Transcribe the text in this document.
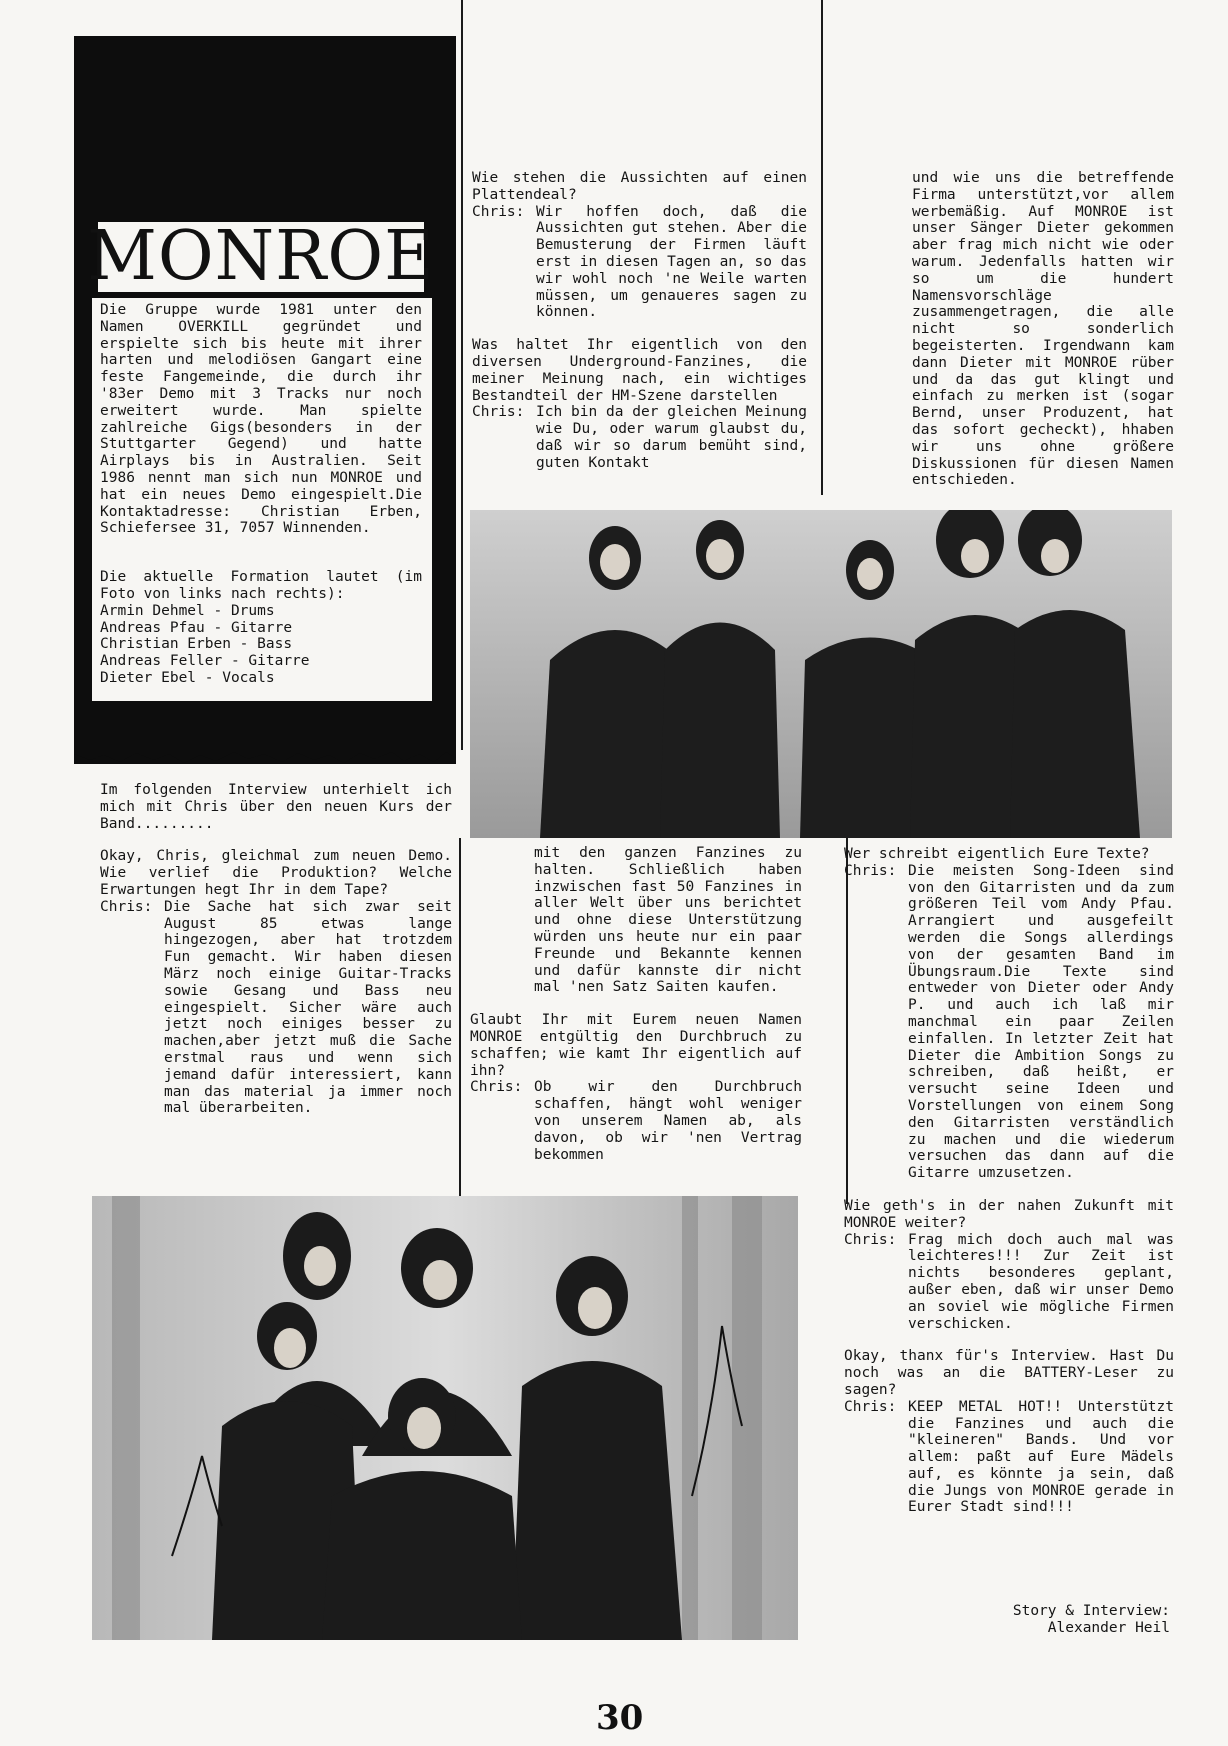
MONROE

Die Gruppe wurde 1981 unter den Namen OVERKILL gegründet und erspielte sich bis heute mit ihrer harten und melodiösen Gangart eine feste Fangemeinde, die durch ihr '83er Demo mit 3 Tracks nur noch erweitert wurde. Man spielte zahlreiche Gigs(besonders in der Stuttgarter Gegend) und hatte Airplays bis in Australien. Seit 1986 nennt man sich nun MONROE und hat ein neues Demo eingespielt.Die Kontaktadresse: Christian Erben, Schiefersee 31, 7057 Winnenden.

Die aktuelle Formation lautet (im Foto von links nach rechts):

Armin Dehmel - Drums
Andreas Pfau - Gitarre
Christian Erben - Bass
Andreas Feller - Gitarre
Dieter Ebel - Vocals

Im folgenden Interview unterhielt ich mich mit Chris über den neuen Kurs der Band.........

Okay, Chris, gleichmal zum neuen Demo. Wie verlief die Produktion? Welche Erwartungen hegt Ihr in dem Tape?

Chris: Die Sache hat sich zwar seit August 85 etwas lange hingezogen, aber hat trotzdem Fun gemacht. Wir haben diesen März noch einige Guitar-Tracks sowie Gesang und Bass neu eingespielt. Sicher wäre auch jetzt noch einiges besser zu machen,aber jetzt muß die Sache erstmal raus und wenn sich jemand dafür interessiert, kann man das material ja immer noch mal überarbeiten.

Wie stehen die Aussichten auf einen Plattendeal?

Chris: Wir hoffen doch, daß die Aussichten gut stehen. Aber die Bemusterung der Firmen läuft erst in diesen Tagen an, so das wir wohl noch 'ne Weile warten müssen, um genaueres sagen zu können.

Was haltet Ihr eigentlich von den diversen Underground-Fanzines, die meiner Meinung nach, ein wichtiges Bestandteil der HM-Szene darstellen

Chris: Ich bin da der gleichen Meinung wie Du, oder warum glaubst du, daß wir so darum bemüht sind, guten Kontakt

und wie uns die betreffende Firma unterstützt,vor allem werbemäßig. Auf MONROE ist unser Sänger Dieter gekommen aber frag mich nicht wie oder warum. Jedenfalls hatten wir so um die hundert Namensvorschläge zusammengetragen, die alle nicht so sonderlich begeisterten. Irgendwann kam dann Dieter mit MONROE rüber und da das gut klingt und einfach zu merken ist (sogar Bernd, unser Produzent, hat das sofort gecheckt), hhaben wir uns ohne größere Diskussionen für diesen Namen entschieden.

mit den ganzen Fanzines zu halten. Schließlich haben inzwischen fast 50 Fanzines in aller Welt über uns berichtet und ohne diese Unterstützung würden uns heute nur ein paar Freunde und Bekannte kennen und dafür kannste dir nicht mal 'nen Satz Saiten kaufen.

Glaubt Ihr mit Eurem neuen Namen MONROE entgültig den Durchbruch zu schaffen; wie kamt Ihr eigentlich auf ihn?

Chris: Ob wir den Durchbruch schaffen, hängt wohl weniger von unserem Namen ab, als davon, ob wir 'nen Vertrag bekommen

Wer schreibt eigentlich Eure Texte?

Chris: Die meisten Song-Ideen sind von den Gitarristen und da zum größeren Teil vom Andy Pfau. Arrangiert und ausgefeilt werden die Songs allerdings von der gesamten Band im Übungsraum.Die Texte sind entweder von Dieter oder Andy P. und auch ich laß mir manchmal ein paar Zeilen einfallen. In letzter Zeit hat Dieter die Ambition Songs zu schreiben, daß heißt, er versucht seine Ideen und Vorstellungen von einem Song den Gitarristen verständlich zu machen und die wiederum versuchen das dann auf die Gitarre umzusetzen.

Wie geth's in der nahen Zukunft mit MONROE weiter?

Chris: Frag mich doch auch mal was leichteres!!! Zur Zeit ist nichts besonderes geplant, außer eben, daß wir unser Demo an soviel wie mögliche Firmen verschicken.

Okay, thanx für's Interview. Hast Du noch was an die BATTERY-Leser zu sagen?

Chris: KEEP METAL HOT!! Unterstützt die Fanzines und auch die "kleineren" Bands. Und vor allem: paßt auf Eure Mädels auf, es könnte ja sein, daß die Jungs von MONROE gerade in Eurer Stadt sind!!!
Story & Interview:
Alexander Heil
30
